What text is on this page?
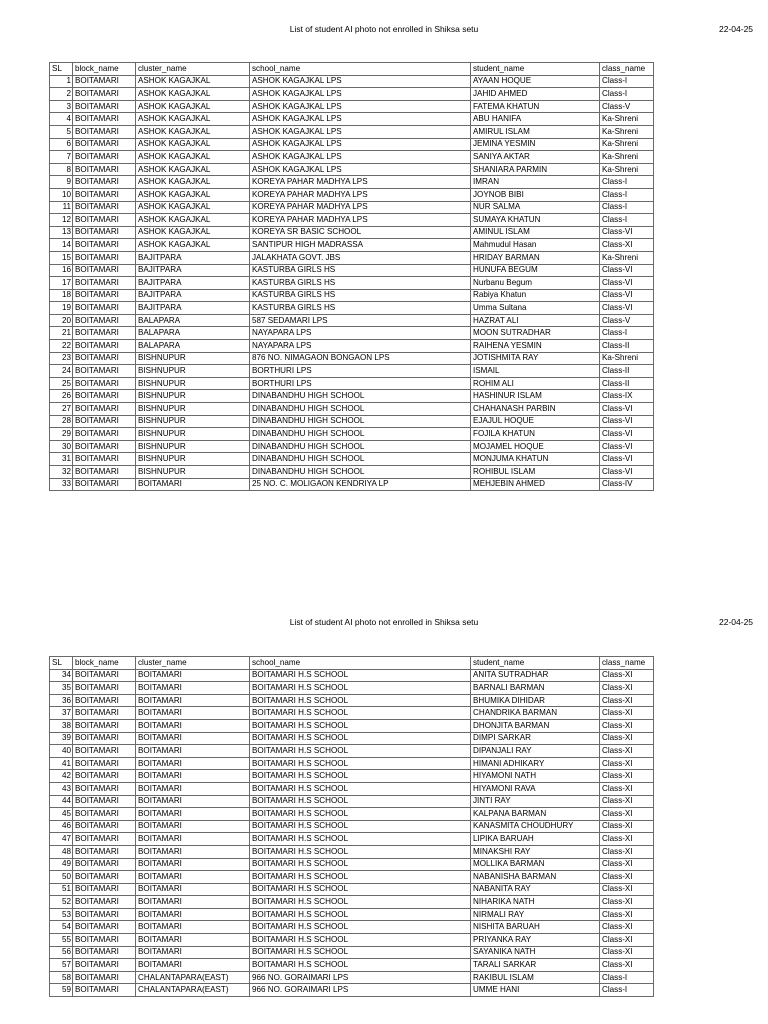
List of student AI photo not enrolled in Shiksa setu	22-04-25
SL	block_name	cluster_name	school_name	student_name	class_name
1	BOITAMARI	ASHOK KAGAJKAL	ASHOK KAGAJKAL LPS	AYAAN HOQUE	Class-I
2	BOITAMARI	ASHOK KAGAJKAL	ASHOK KAGAJKAL LPS	JAHID AHMED	Class-I
3	BOITAMARI	ASHOK KAGAJKAL	ASHOK KAGAJKAL LPS	FATEMA KHATUN	Class-V
4	BOITAMARI	ASHOK KAGAJKAL	ASHOK KAGAJKAL LPS	ABU HANIFA	Ka-Shreni
5	BOITAMARI	ASHOK KAGAJKAL	ASHOK KAGAJKAL LPS	AMIRUL ISLAM	Ka-Shreni
6	BOITAMARI	ASHOK KAGAJKAL	ASHOK KAGAJKAL LPS	JEMINA YESMIN	Ka-Shreni
7	BOITAMARI	ASHOK KAGAJKAL	ASHOK KAGAJKAL LPS	SANIYA AKTAR	Ka-Shreni
8	BOITAMARI	ASHOK KAGAJKAL	ASHOK KAGAJKAL LPS	SHANIARA PARMIN	Ka-Shreni
9	BOITAMARI	ASHOK KAGAJKAL	KOREYA PAHAR MADHYA LPS	IMRAN	Class-I
10	BOITAMARI	ASHOK KAGAJKAL	KOREYA PAHAR MADHYA LPS	JOYNOB BIBI	Class-I
11	BOITAMARI	ASHOK KAGAJKAL	KOREYA PAHAR MADHYA LPS	NUR SALMA	Class-I
12	BOITAMARI	ASHOK KAGAJKAL	KOREYA PAHAR MADHYA LPS	SUMAYA KHATUN	Class-I
13	BOITAMARI	ASHOK KAGAJKAL	KOREYA SR BASIC SCHOOL	AMINUL ISLAM	Class-VI
14	BOITAMARI	ASHOK KAGAJKAL	SANTIPUR HIGH MADRASSA	Mahmudul Hasan	Class-XI
15	BOITAMARI	BAJITPARA	JALAKHATA GOVT. JBS	HRIDAY BARMAN	Ka-Shreni
16	BOITAMARI	BAJITPARA	KASTURBA GIRLS HS	HUNUFA BEGUM	Class-VI
17	BOITAMARI	BAJITPARA	KASTURBA GIRLS HS	Nurbanu Begum	Class-VI
18	BOITAMARI	BAJITPARA	KASTURBA GIRLS HS	Rabiya Khatun	Class-VI
19	BOITAMARI	BAJITPARA	KASTURBA GIRLS HS	Umma Sultana	Class-VI
20	BOITAMARI	BALAPARA	587 SEDAMARI LPS	HAZRAT ALI	Class-V
21	BOITAMARI	BALAPARA	NAYAPARA LPS	MOON SUTRADHAR	Class-I
22	BOITAMARI	BALAPARA	NAYAPARA LPS	RAIHENA YESMIN	Class-II
23	BOITAMARI	BISHNUPUR	876 NO. NIMAGAON BONGAON LPS	JOTISHMITA RAY	Ka-Shreni
24	BOITAMARI	BISHNUPUR	BORTHURI LPS	ISMAIL	Class-II
25	BOITAMARI	BISHNUPUR	BORTHURI LPS	ROHIM ALI	Class-II
26	BOITAMARI	BISHNUPUR	DINABANDHU HIGH SCHOOL	HASHINUR ISLAM	Class-IX
27	BOITAMARI	BISHNUPUR	DINABANDHU HIGH SCHOOL	CHAHANASH PARBIN	Class-VI
28	BOITAMARI	BISHNUPUR	DINABANDHU HIGH SCHOOL	EJAJUL HOQUE	Class-VI
29	BOITAMARI	BISHNUPUR	DINABANDHU HIGH SCHOOL	FOJILA KHATUN	Class-VI
30	BOITAMARI	BISHNUPUR	DINABANDHU HIGH SCHOOL	MOJAMEL HOQUE	Class-VI
31	BOITAMARI	BISHNUPUR	DINABANDHU HIGH SCHOOL	MONJUMA KHATUN	Class-VI
32	BOITAMARI	BISHNUPUR	DINABANDHU HIGH SCHOOL	ROHIBUL ISLAM	Class-VI
33	BOITAMARI	BOITAMARI	25 NO. C. MOLIGAON KENDRIYA LP	MEHJEBIN AHMED	Class-IV
List of student AI photo not enrolled in Shiksa setu	22-04-25
SL	block_name	cluster_name	school_name	student_name	class_name
34	BOITAMARI	BOITAMARI	BOITAMARI H.S SCHOOL	ANITA SUTRADHAR	Class-XI
35	BOITAMARI	BOITAMARI	BOITAMARI H.S SCHOOL	BARNALI BARMAN	Class-XI
36	BOITAMARI	BOITAMARI	BOITAMARI H.S SCHOOL	BHUMIKA DIHIDAR	Class-XI
37	BOITAMARI	BOITAMARI	BOITAMARI H.S SCHOOL	CHANDRIKA BARMAN	Class-XI
38	BOITAMARI	BOITAMARI	BOITAMARI H.S SCHOOL	DHONJITA BARMAN	Class-XI
39	BOITAMARI	BOITAMARI	BOITAMARI H.S SCHOOL	DIMPI SARKAR	Class-XI
40	BOITAMARI	BOITAMARI	BOITAMARI H.S SCHOOL	DIPANJALI RAY	Class-XI
41	BOITAMARI	BOITAMARI	BOITAMARI H.S SCHOOL	HIMANI ADHIKARY	Class-XI
42	BOITAMARI	BOITAMARI	BOITAMARI H.S SCHOOL	HIYAMONI NATH	Class-XI
43	BOITAMARI	BOITAMARI	BOITAMARI H.S SCHOOL	HIYAMONI RAVA	Class-XI
44	BOITAMARI	BOITAMARI	BOITAMARI H.S SCHOOL	JINTI RAY	Class-XI
45	BOITAMARI	BOITAMARI	BOITAMARI H.S SCHOOL	KALPANA BARMAN	Class-XI
46	BOITAMARI	BOITAMARI	BOITAMARI H.S SCHOOL	KANASMITA CHOUDHURY	Class-XI
47	BOITAMARI	BOITAMARI	BOITAMARI H.S SCHOOL	LIPIKA BARUAH	Class-XI
48	BOITAMARI	BOITAMARI	BOITAMARI H.S SCHOOL	MINAKSHI RAY	Class-XI
49	BOITAMARI	BOITAMARI	BOITAMARI H.S SCHOOL	MOLLIKA BARMAN	Class-XI
50	BOITAMARI	BOITAMARI	BOITAMARI H.S SCHOOL	NABANISHA BARMAN	Class-XI
51	BOITAMARI	BOITAMARI	BOITAMARI H.S SCHOOL	NABANITA RAY	Class-XI
52	BOITAMARI	BOITAMARI	BOITAMARI H.S SCHOOL	NIHARIKA NATH	Class-XI
53	BOITAMARI	BOITAMARI	BOITAMARI H.S SCHOOL	NIRMALI RAY	Class-XI
54	BOITAMARI	BOITAMARI	BOITAMARI H.S SCHOOL	NISHITA BARUAH	Class-XI
55	BOITAMARI	BOITAMARI	BOITAMARI H.S SCHOOL	PRIYANKA RAY	Class-XI
56	BOITAMARI	BOITAMARI	BOITAMARI H.S SCHOOL	SAYANIKA NATH	Class-XI
57	BOITAMARI	BOITAMARI	BOITAMARI H.S SCHOOL	TARALI SARKAR	Class-XI
58	BOITAMARI	CHALANTAPARA(EAST)	966 NO. GORAIMARI LPS	RAKIBUL ISLAM	Class-I
59	BOITAMARI	CHALANTAPARA(EAST)	966 NO. GORAIMARI LPS	UMME HANI	Class-I
